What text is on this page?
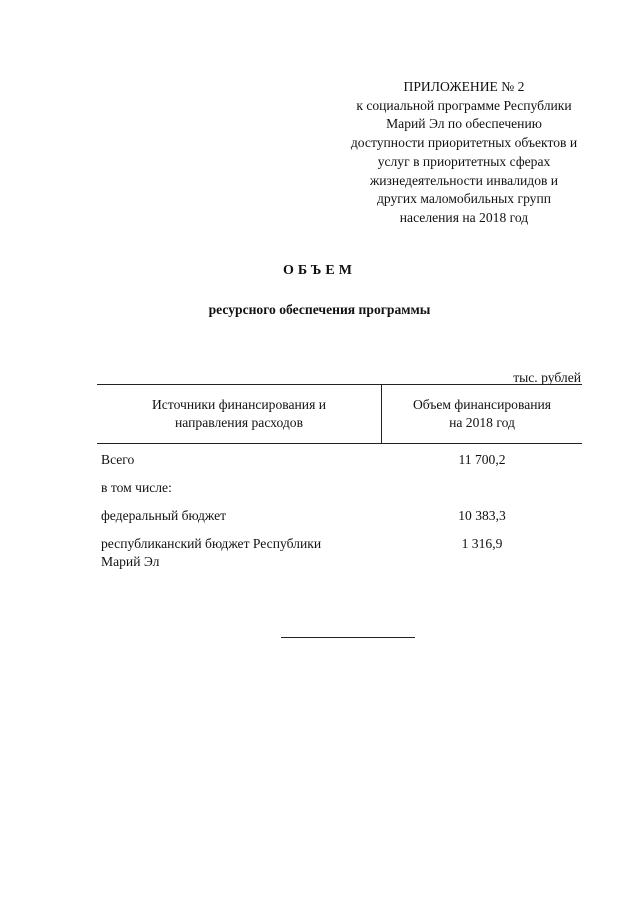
ПРИЛОЖЕНИЕ № 2
к социальной программе Республики
Марий Эл по обеспечению
доступности приоритетных объектов и
услуг в приоритетных сферах
жизнедеятельности инвалидов и
других маломобильных групп
населения на 2018 год
ОБЪЕМ
ресурсного обеспечения программы
тыс. рублей
Источники финансирования и
направления расходов
Объем финансирования
на 2018 год
Всего	11 700,2
в том числе:
федеральный бюджет	10 383,3
республиканский бюджет Республики
Марий Эл
1 316,9
